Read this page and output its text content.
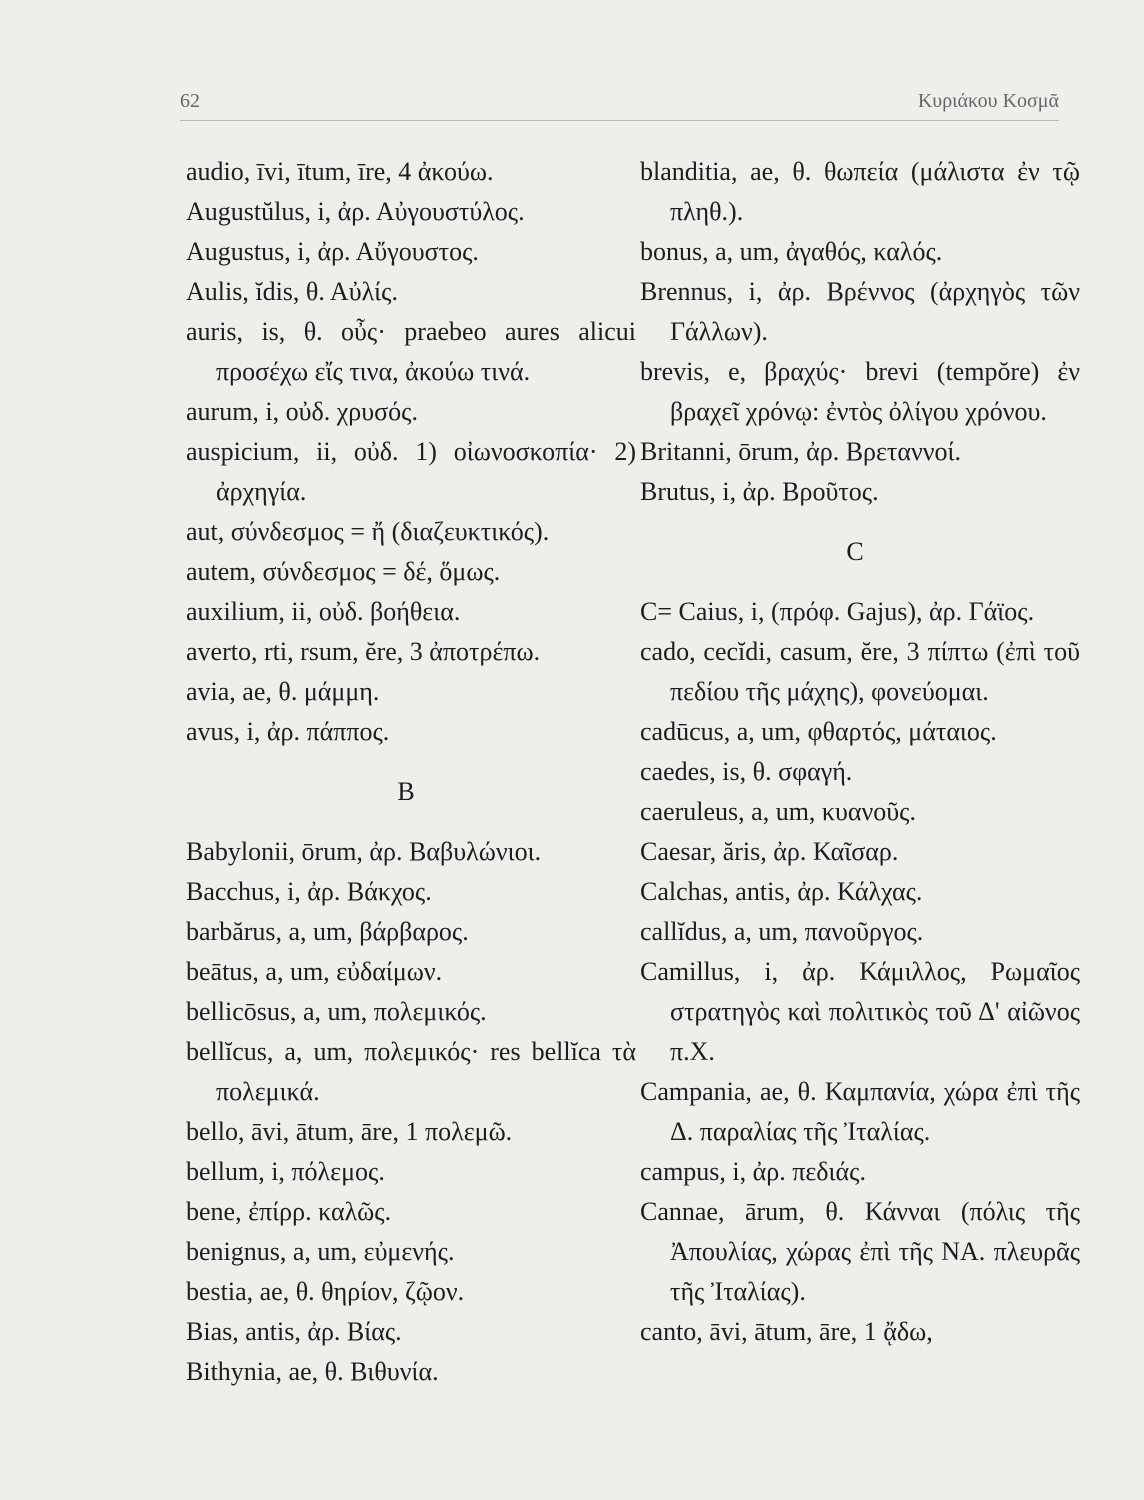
62	Κυριάκου Κοσμᾶ

audio, īvi, ītum, īre, 4 ἀκούω.

Augustŭlus, i, ἀρ. Αὐγουστύλος.

Augustus, i, ἀρ. Αὔγουστος.

Aulis, ĭdis, θ. Αὐλίς.

auris, is, θ. οὖς· praebeo aures alicui προσέχω εἴς τινα, ἀκούω τινά.

aurum, i, οὐδ. χρυσός.

auspicium, ii, οὐδ. 1) οἰωνοσκοπία· 2) ἀρχηγία.

aut, σύνδεσμος = ἤ (διαζευκτικός).

autem, σύνδεσμος = δέ, ὅμως.

auxilium, ii, οὐδ. βοήθεια.

averto, rti, rsum, ĕre, 3 ἀποτρέπω.

avia, ae, θ. μάμμη.

avus, i, ἀρ. πάππος.

B

Babylonii, ōrum, ἀρ. Βαβυλώνιοι.

Bacchus, i, ἀρ. Βάκχος.

barbărus, a, um, βάρβαρος.

beātus, a, um, εὐδαίμων.

bellicōsus, a, um, πολεμικός.

bellĭcus, a, um, πολεμικός· res bellĭca τὰ πολεμικά.

bello, āvi, ātum, āre, 1 πολεμῶ.

bellum, i, πόλεμος.

bene, ἐπίρρ. καλῶς.

benignus, a, um, εὐμενής.

bestia, ae, θ. θηρίον, ζῷον.

Bias, antis, ἀρ. Βίας.

Bithynia, ae, θ. Βιθυνία.

blanditia, ae, θ. θωπεία (μάλιστα ἐν τῷ πληθ.).

bonus, a, um, ἀγαθός, καλός.

Brennus, i, ἀρ. Βρέννος (ἀρχηγὸς τῶν Γάλλων).

brevis, e, βραχύς· brevi (tempŏre) ἐν βραχεῖ χρόνῳ: ἐντὸς ὀλίγου χρόνου.

Britanni, ōrum, ἀρ. Βρεταννοί.

Brutus, i, ἀρ. Βροῦτος.

C

C= Caius, i, (πρόφ. Gajus), ἀρ. Γάϊος.

cado, cecĭdi, casum, ĕre, 3 πίπτω (ἐπὶ τοῦ πεδίου τῆς μάχης), φονεύομαι.

cadūcus, a, um, φθαρτός, μάταιος.

caedes, is, θ. σφαγή.

caeruleus, a, um, κυανοῦς.

Caesar, ăris, ἀρ. Καῖσαρ.

Calchas, antis, ἀρ. Κάλχας.

callĭdus, a, um, πανοῦργος.

Camillus, i, ἀρ. Κάμιλλος, Ρωμαῖος στρατηγὸς καὶ πολιτικὸς τοῦ Δ' αἰῶνος π.Χ.

Campania, ae, θ. Καμπανία, χώρα ἐπὶ τῆς Δ. παραλίας τῆς Ἰταλίας.

campus, i, ἀρ. πεδιάς.

Cannae, ārum, θ. Κάνναι (πόλις τῆς Ἀπουλίας, χώρας ἐπὶ τῆς ΝΑ. πλευρᾶς τῆς Ἰταλίας).

canto, āvi, ātum, āre, 1 ᾄδω,
